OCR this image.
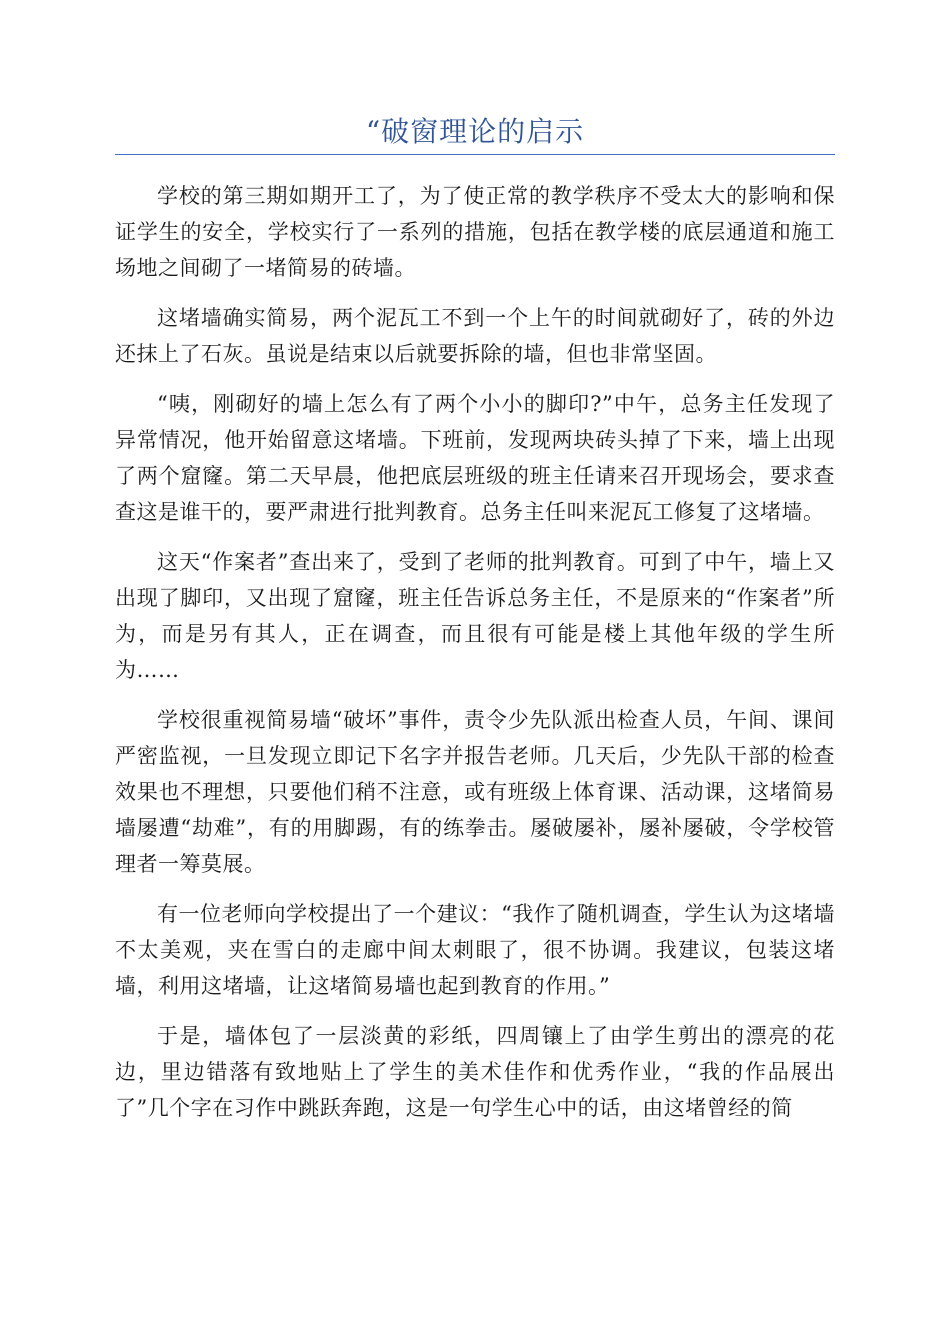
“破窗理论的启示

学校的第三期如期开工了，为了使正常的教学秩序不受太大的影响和保证学生的安全，学校实行了一系列的措施，包括在教学楼的底层通道和施工场地之间砌了一堵简易的砖墙。

这堵墙确实简易，两个泥瓦工不到一个上午的时间就砌好了，砖的外边还抹上了石灰。虽说是结束以后就要拆除的墙，但也非常坚固。

“咦，刚砌好的墙上怎么有了两个小小的脚印?”中午，总务主任发现了异常情况，他开始留意这堵墙。下班前，发现两块砖头掉了下来，墙上出现了两个窟窿。第二天早晨，他把底层班级的班主任请来召开现场会，要求查查这是谁干的，要严肃进行批判教育。总务主任叫来泥瓦工修复了这堵墙。

这天“作案者”查出来了，受到了老师的批判教育。可到了中午，墙上又出现了脚印，又出现了窟窿，班主任告诉总务主任，不是原来的“作案者”所为，而是另有其人，正在调查，而且很有可能是楼上其他年级的学生所为……

学校很重视简易墙“破坏”事件，责令少先队派出检查人员，午间、课间严密监视，一旦发现立即记下名字并报告老师。几天后，少先队干部的检查效果也不理想，只要他们稍不注意，或有班级上体育课、活动课，这堵简易墙屡遭“劫难”，有的用脚踢，有的练拳击。屡破屡补，屡补屡破，令学校管理者一筹莫展。

有一位老师向学校提出了一个建议：“我作了随机调查，学生认为这堵墙不太美观，夹在雪白的走廊中间太刺眼了，很不协调。我建议，包装这堵墙，利用这堵墙，让这堵简易墙也起到教育的作用。”

于是，墙体包了一层淡黄的彩纸，四周镶上了由学生剪出的漂亮的花边，里边错落有致地贴上了学生的美术佳作和优秀作业，“我的作品展出了”几个字在习作中跳跃奔跑，这是一句学生心中的话，由这堵曾经的简
